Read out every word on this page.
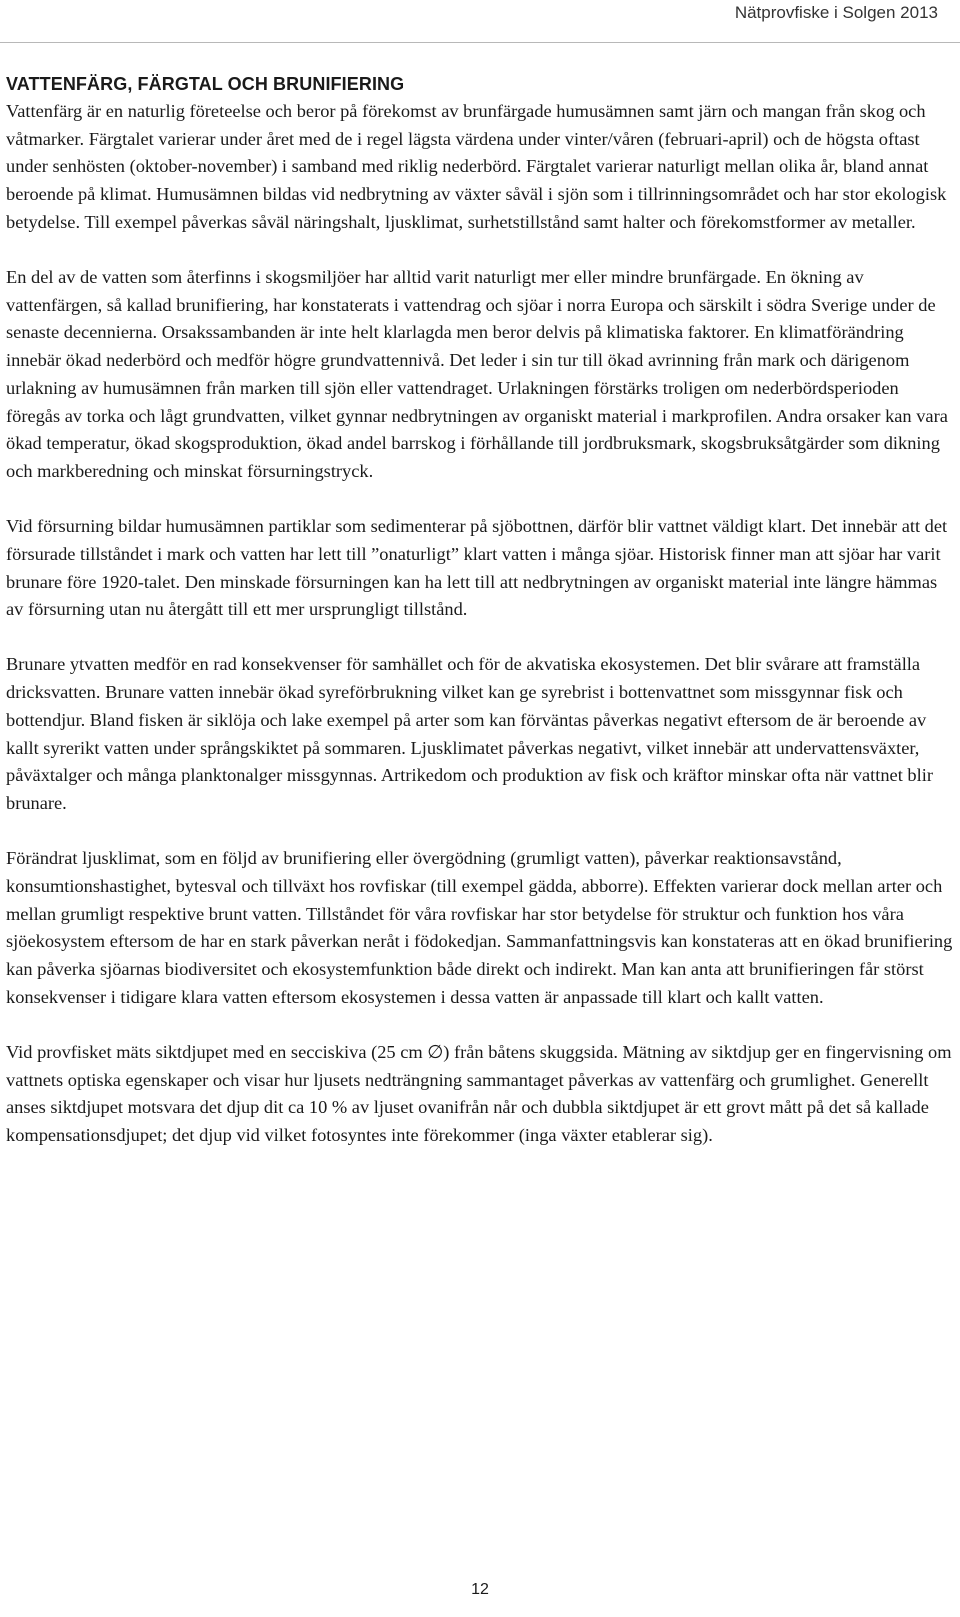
Nätprovfiske i Solgen 2013
VATTENFÄRG, FÄRGTAL OCH BRUNIFIERING

Vattenfärg är en naturlig företeelse och beror på förekomst av brunfärgade humusämnen samt järn och mangan från skog och våtmarker. Färgtalet varierar under året med de i regel lägsta värdena under vinter/våren (februari-april) och de högsta oftast under senhösten (oktober-november) i samband med riklig nederbörd. Färgtalet varierar naturligt mellan olika år, bland annat beroende på klimat. Humusämnen bildas vid nedbrytning av växter såväl i sjön som i tillrinningsområdet och har stor ekologisk betydelse. Till exempel påverkas såväl näringshalt, ljusklimat, surhetstillstånd samt halter och förekomstformer av metaller.

En del av de vatten som återfinns i skogsmiljöer har alltid varit naturligt mer eller mindre brunfärgade. En ökning av vattenfärgen, så kallad brunifiering, har konstaterats i vattendrag och sjöar i norra Europa och särskilt i södra Sverige under de senaste decennierna. Orsakssambanden är inte helt klarlagda men beror delvis på klimatiska faktorer. En klimatförändring innebär ökad nederbörd och medför högre grundvattennivå. Det leder i sin tur till ökad avrinning från mark och därigenom urlakning av humusämnen från marken till sjön eller vattendraget. Urlakningen förstärks troligen om nederbördsperioden föregås av torka och lågt grundvatten, vilket gynnar nedbrytningen av organiskt material i markprofilen. Andra orsaker kan vara ökad temperatur, ökad skogsproduktion, ökad andel barrskog i förhållande till jordbruksmark, skogsbruksåtgärder som dikning och markberedning och minskat försurningstryck.

Vid försurning bildar humusämnen partiklar som sedimenterar på sjöbottnen, därför blir vattnet väldigt klart. Det innebär att det försurade tillståndet i mark och vatten har lett till ”onaturligt” klart vatten i många sjöar. Historisk finner man att sjöar har varit brunare före 1920-talet. Den minskade försurningen kan ha lett till att nedbrytningen av organiskt material inte längre hämmas av försurning utan nu återgått till ett mer ursprungligt tillstånd.

Brunare ytvatten medför en rad konsekvenser för samhället och för de akvatiska ekosystemen. Det blir svårare att framställa dricksvatten. Brunare vatten innebär ökad syreförbrukning vilket kan ge syrebrist i bottenvattnet som missgynnar fisk och bottendjur. Bland fisken är siklöja och lake exempel på arter som kan förväntas påverkas negativt eftersom de är beroende av kallt syrerikt vatten under språngskiktet på sommaren. Ljusklimatet påverkas negativt, vilket innebär att undervattensväxter, påväxtalger och många planktonalger missgynnas. Artrikedom och produktion av fisk och kräftor minskar ofta när vattnet blir brunare.

Förändrat ljusklimat, som en följd av brunifiering eller övergödning (grumligt vatten), påverkar reaktionsavstånd, konsumtionshastighet, bytesval och tillväxt hos rovfiskar (till exempel gädda, abborre). Effekten varierar dock mellan arter och mellan grumligt respektive brunt vatten. Tillståndet för våra rovfiskar har stor betydelse för struktur och funktion hos våra sjöekosystem eftersom de har en stark påverkan neråt i födokedjan. Sammanfattningsvis kan konstateras att en ökad brunifiering kan påverka sjöarnas biodiversitet och ekosystemfunktion både direkt och indirekt. Man kan anta att brunifieringen får störst konsekvenser i tidigare klara vatten eftersom ekosystemen i dessa vatten är anpassade till klart och kallt vatten.

Vid provfisket mäts siktdjupet med en secciskiva (25 cm ∅) från båtens skuggsida. Mätning av siktdjup ger en fingervisning om vattnets optiska egenskaper och visar hur ljusets nedträngning sammantaget påverkas av vattenfärg och grumlighet. Generellt anses siktdjupet motsvara det djup dit ca 10 % av ljuset ovanifrån når och dubbla siktdjupet är ett grovt mått på det så kallade kompensationsdjupet; det djup vid vilket fotosyntes inte förekommer (inga växter etablerar sig).

12
